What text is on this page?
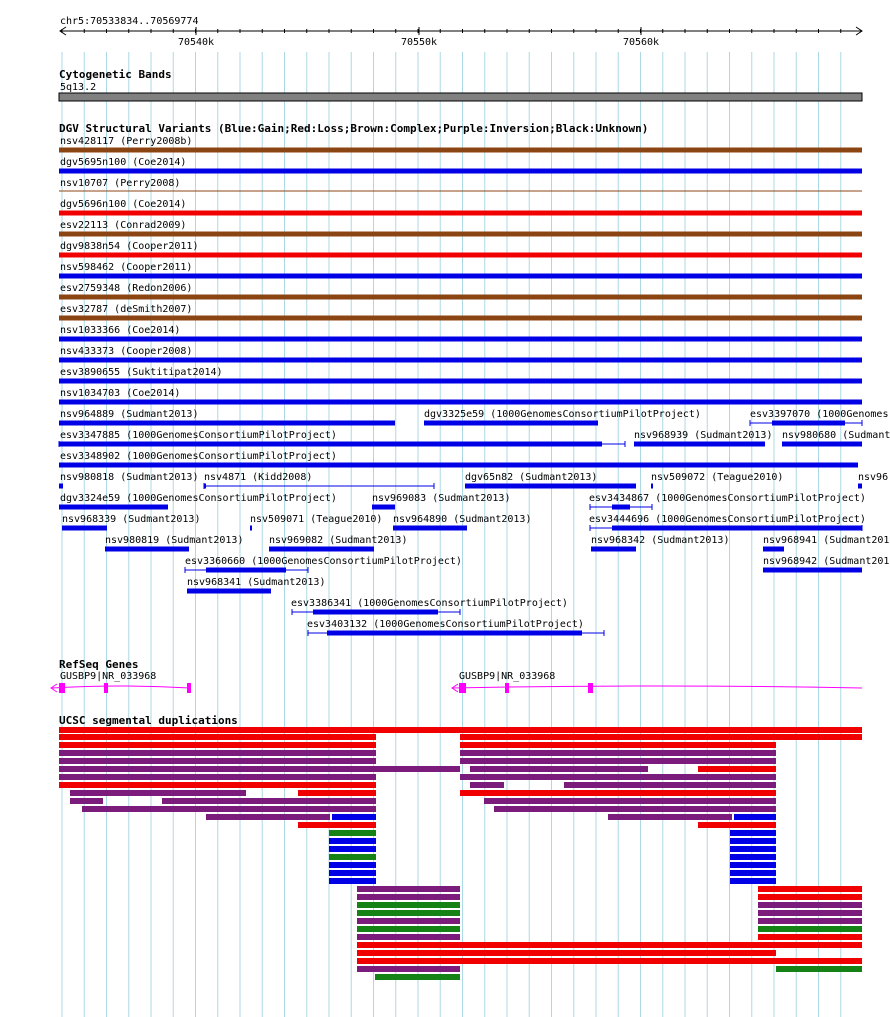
chr5:70533834..70569774
70540k	70550k	70560k
Cytogenetic Bands
5q13.2
DGV Structural Variants (Blue:Gain;Red:Loss;Brown:Complex;Purple:Inversion;Black:Unknown)
nsv428117 (Perry2008b)
dgv5695n100 (Coe2014)
nsv10707 (Perry2008)
dgv5696n100 (Coe2014)
esv22113 (Conrad2009)
dgv9838n54 (Cooper2011)
nsv598462 (Cooper2011)
esv2759348 (Redon2006)
esv32787 (deSmith2007)
nsv1033366 (Coe2014)
nsv433373 (Cooper2008)
esv3890655 (Suktitipat2014)
nsv1034703 (Coe2014)
nsv964889 (Sudmant2013)	dgv3325e59 (1000GenomesConsortiumPilotProject)	esv3397070 (1000Genomes
esv3347885 (1000GenomesConsortiumPilotProject)	nsv968939 (Sudmant2013) nsv980680 (Sudmant
esv3348902 (1000GenomesConsortiumPilotProject)
nsv980818 (Sudmant2013) nsv4871 (Kidd2008)	dgv65n82 (Sudmant2013)	nsv509072 (Teague2010)	nsv96
dgv3324e59 (1000GenomesConsortiumPilotProject)	nsv969083 (Sudmant2013)	esv3434867 (1000GenomesConsortiumPilotProject)
nsv968339 (Sudmant2013)	nsv509071 (Teague2010) nsv964890 (Sudmant2013)	esv3444696 (1000GenomesConsortiumPilotProject)
nsv980819 (Sudmant2013)	nsv969082 (Sudmant2013)	nsv968342 (Sudmant2013)	nsv968941 (Sudmant201
esv3360660 (1000GenomesConsortiumPilotProject)	nsv968942 (Sudmant201
nsv968341 (Sudmant2013)
esv3386341 (1000GenomesConsortiumPilotProject)
esv3403132 (1000GenomesConsortiumPilotProject)
RefSeq Genes
GUSBP9|NR_033968	GUSBP9|NR_033968
UCSC segmental duplications
